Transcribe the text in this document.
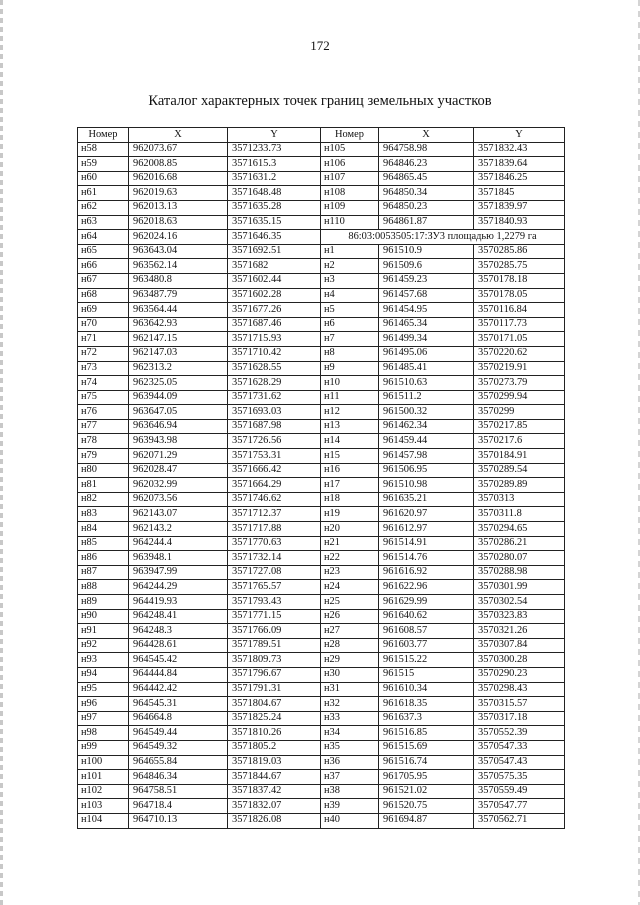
172
Каталог характерных точек границ земельных участков
Номер	X	Y	Номер	X	Y
н58	962073.67	3571233.73	н105	964758.98	3571832.43
н59	962008.85	3571615.3	н106	964846.23	3571839.64
н60	962016.68	3571631.2	н107	964865.45	3571846.25
н61	962019.63	3571648.48	н108	964850.34	3571845
н62	962013.13	3571635.28	н109	964850.23	3571839.97
н63	962018.63	3571635.15	н110	964861.87	3571840.93
н64	962024.16	3571646.35	86:03:0053505:17:ЗУ3 площадью 1,2279 га		
н65	963643.04	3571692.51	н1	961510.9	3570285.86
н66	963562.14	3571682	н2	961509.6	3570285.75
н67	963480.8	3571602.44	н3	961459.23	3570178.18
н68	963487.79	3571602.28	н4	961457.68	3570178.05
н69	963564.44	3571677.26	н5	961454.95	3570116.84
н70	963642.93	3571687.46	н6	961465.34	3570117.73
н71	962147.15	3571715.93	н7	961499.34	3570171.05
н72	962147.03	3571710.42	н8	961495.06	3570220.62
н73	962313.2	3571628.55	н9	961485.41	3570219.91
н74	962325.05	3571628.29	н10	961510.63	3570273.79
н75	963944.09	3571731.62	н11	961511.2	3570299.94
н76	963647.05	3571693.03	н12	961500.32	3570299
н77	963646.94	3571687.98	н13	961462.34	3570217.85
н78	963943.98	3571726.56	н14	961459.44	3570217.6
н79	962071.29	3571753.31	н15	961457.98	3570184.91
н80	962028.47	3571666.42	н16	961506.95	3570289.54
н81	962032.99	3571664.29	н17	961510.98	3570289.89
н82	962073.56	3571746.62	н18	961635.21	3570313
н83	962143.07	3571712.37	н19	961620.97	3570311.8
н84	962143.2	3571717.88	н20	961612.97	3570294.65
н85	964244.4	3571770.63	н21	961514.91	3570286.21
н86	963948.1	3571732.14	н22	961514.76	3570280.07
н87	963947.99	3571727.08	н23	961616.92	3570288.98
н88	964244.29	3571765.57	н24	961622.96	3570301.99
н89	964419.93	3571793.43	н25	961629.99	3570302.54
н90	964248.41	3571771.15	н26	961640.62	3570323.83
н91	964248.3	3571766.09	н27	961608.57	3570321.26
н92	964428.61	3571789.51	н28	961603.77	3570307.84
н93	964545.42	3571809.73	н29	961515.22	3570300.28
н94	964444.84	3571796.67	н30	961515	3570290.23
н95	964442.42	3571791.31	н31	961610.34	3570298.43
н96	964545.31	3571804.67	н32	961618.35	3570315.57
н97	964664.8	3571825.24	н33	961637.3	3570317.18
н98	964549.44	3571810.26	н34	961516.85	3570552.39
н99	964549.32	3571805.2	н35	961515.69	3570547.33
н100	964655.84	3571819.03	н36	961516.74	3570547.43
н101	964846.34	3571844.67	н37	961705.95	3570575.35
н102	964758.51	3571837.42	н38	961521.02	3570559.49
н103	964718.4	3571832.07	н39	961520.75	3570547.77
н104	964710.13	3571826.08	н40	961694.87	3570562.71
